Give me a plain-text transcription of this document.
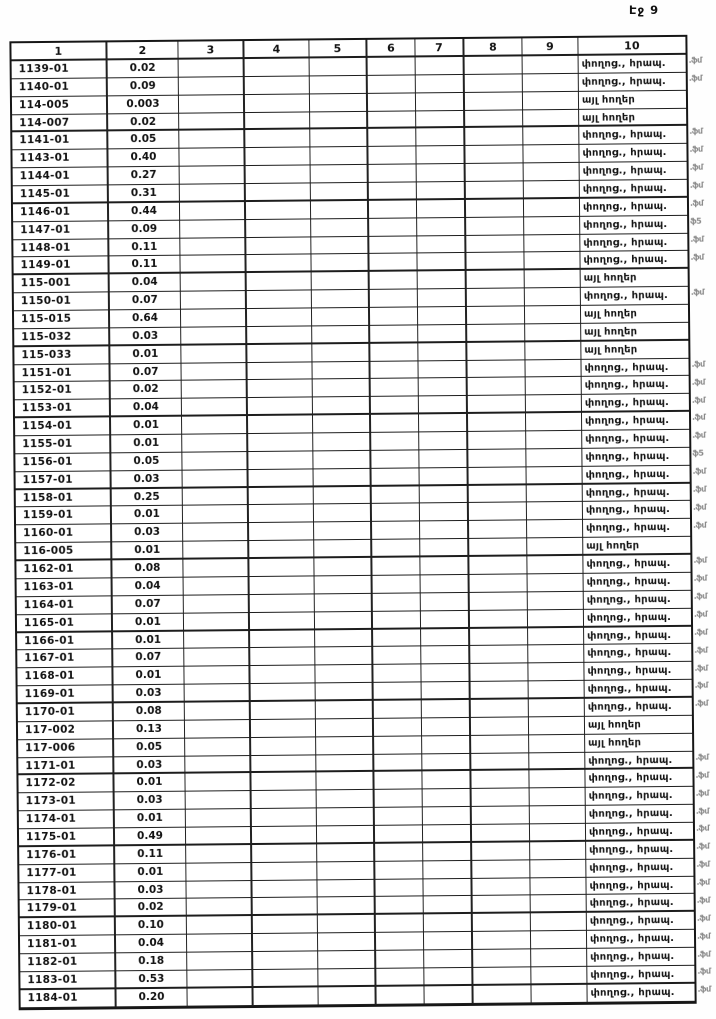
Էջ 9
1	2	3	4	5	6	7	8	9	10
1139-01	0.02	փողոց., հրապ.
1140-01	0.09	փողոց., հրապ.
114-005	0.003	այլ հողեր
114-007	0.02	այլ հողեր
1141-01	0.05	փողոց., հրապ.
1143-01	0.40	փողոց., հրապ.
1144-01	0.27	փողոց., հրապ.
1145-01	0.31	փողոց., հրապ.
1146-01	0.44	փողոց., հրապ.
1147-01	0.09	փողոց., հրապ.
1148-01	0.11	փողոց., հրապ.
1149-01	0.11	փողոց., հրապ.
115-001	0.04	այլ հողեր
1150-01	0.07	փողոց., հրապ.
115-015	0.64	այլ հողեր
115-032	0.03	այլ հողեր
115-033	0.01	այլ հողեր
1151-01	0.07	փողոց., հրապ.
1152-01	0.02	փողոց., հրապ.
1153-01	0.04	փողոց., հրապ.
1154-01	0.01	փողոց., հրապ.
1155-01	0.01	փողոց., հրապ.
1156-01	0.05	փողոց., հրապ.
1157-01	0.03	փողոց., հրապ.
1158-01	0.25	փողոց., հրապ.
1159-01	0.01	փողոց., հրապ.
1160-01	0.03	փողոց., հրապ.
116-005	0.01	այլ հողեր
1162-01	0.08	փողոց., հրապ.
1163-01	0.04	փողոց., հրապ.
1164-01	0.07	փողոց., հրապ.
1165-01	0.01	փողոց., հրապ.
1166-01	0.01	փողոց., հրապ.
1167-01	0.07	փողոց., հրապ.
1168-01	0.01	փողոց., հրապ.
1169-01	0.03	փողոց., հրապ.
1170-01	0.08	փողոց., հրապ.
117-002	0.13	այլ հողեր
117-006	0.05	այլ հողեր
1171-01	0.03	փողոց., հրապ.
1172-02	0.01	փողոց., հրապ.
1173-01	0.03	փողոց., հրապ.
1174-01	0.01	փողոց., հրապ.
1175-01	0.49	փողոց., հրապ.
1176-01	0.11	փողոց., հրապ.
1177-01	0.01	փողոց., հրապ.
1178-01	0.03	փողոց., հրապ.
1179-01	0.02	փողոց., հրապ.
1180-01	0.10	փողոց., հրապ.
1181-01	0.04	փողոց., հրապ.
1182-01	0.18	փողոց., հրապ.
1183-01	0.53	փողոց., հրապ.
1184-01	0.20	փողոց., հրապ.
.ֆմ
.ֆմ
.ֆմ
.ֆմ
.ֆմ
.ֆմ
.ֆմ
ֆ5
.ֆմ
.ֆմ
.ֆմ
.ֆմ
.ֆմ
.ֆմ
.ֆմ
.ֆմ
ֆ5
.ֆմ
.ֆմ
.ֆմ
.ֆմ
.ֆմ
.ֆմ
.ֆմ
.ֆմ
.ֆմ
.ֆմ
.ֆմ
.ֆմ
.ֆմ
.ֆմ
.ֆմ
.ֆմ
.ֆմ
.ֆմ
.ֆմ
.ֆմ
.ֆմ
.ֆմ
.ֆմ
.ֆմ
.ֆմ
.ֆմ
.ֆմ
